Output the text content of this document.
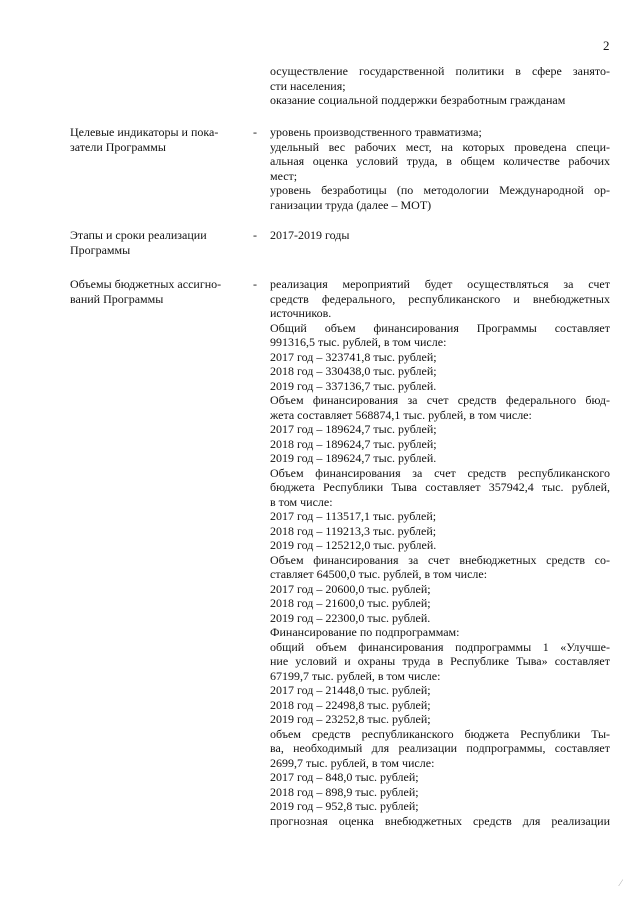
2
осуществление государственной политики в сфере занято-
сти населения;
оказание социальной поддержки безработным гражданам
Целевые индикаторы и пока-
затели Программы
- уровень производственного травматизма;
удельный вес рабочих мест, на которых проведена специ-
альная оценка условий труда, в общем количестве рабочих
мест;
уровень безработицы (по методологии Международной ор-
ганизации труда (далее – МОТ)
Этапы и сроки реализации
Программы
- 2017-2019 годы
Объемы бюджетных ассигно-
ваний Программы
- реализация мероприятий будет осуществляться за счет
средств федерального, республиканского и внебюджетных
источников.
Общий объем финансирования Программы составляет
991316,5 тыс. рублей, в том числе:
2017 год – 323741,8 тыс. рублей;
2018 год – 330438,0 тыс. рублей;
2019 год – 337136,7 тыс. рублей.
Объем финансирования за счет средств федерального бюд-
жета составляет 568874,1 тыс. рублей, в том числе:
2017 год – 189624,7 тыс. рублей;
2018 год – 189624,7 тыс. рублей;
2019 год – 189624,7 тыс. рублей.
Объем финансирования за счет средств республиканского
бюджета Республики Тыва составляет 357942,4 тыс. рублей,
в том числе:
2017 год – 113517,1 тыс. рублей;
2018 год – 119213,3 тыс. рублей;
2019 год – 125212,0 тыс. рублей.
Объем финансирования за счет внебюджетных средств со-
ставляет 64500,0 тыс. рублей, в том числе:
2017 год – 20600,0 тыс. рублей;
2018 год – 21600,0 тыс. рублей;
2019 год – 22300,0 тыс. рублей.
Финансирование по подпрограммам:
общий объем финансирования подпрограммы 1 «Улучше-
ние условий и охраны труда в Республике Тыва» составляет
67199,7 тыс. рублей, в том числе:
2017 год – 21448,0 тыс. рублей;
2018 год – 22498,8 тыс. рублей;
2019 год – 23252,8 тыс. рублей;
объем средств республиканского бюджета Республики Ты-
ва, необходимый для реализации подпрограммы, составляет
2699,7 тыс. рублей, в том числе:
2017 год – 848,0 тыс. рублей;
2018 год – 898,9 тыс. рублей;
2019 год – 952,8 тыс. рублей;
прогнозная оценка внебюджетных средств для реализации
⁄
